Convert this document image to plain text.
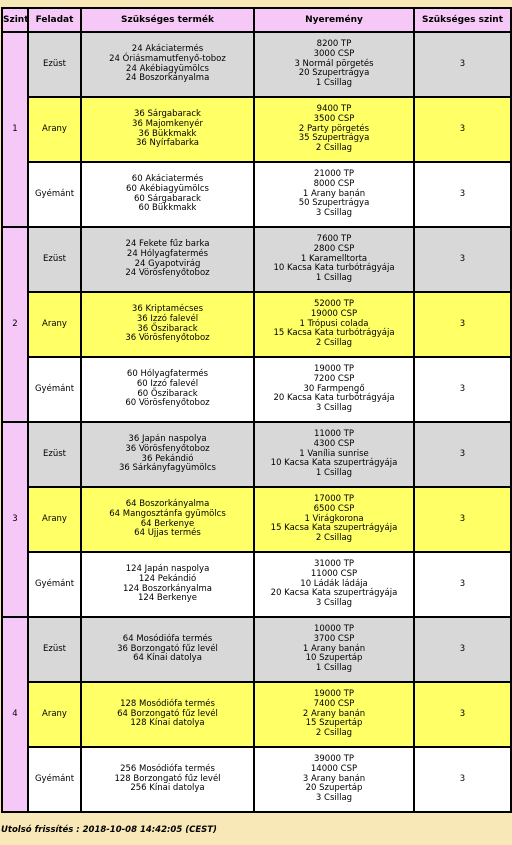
Szint	Feladat	Szükséges termék	Nyeremény	Szükséges szint
1	Ezüst	24 Akáciatermés
24 Óriásmamutfenyő-toboz
24 Akébiagyümölcs
24 Boszorkányalma	8200 TP
3000 CSP
3 Normál pörgetés
20 Szupertrágya
1 Csillag	3
	Arany	36 Sárgabarack
36 Majomkenyér
36 Bükkmakk
36 Nyírfabarka	9400 TP
3500 CSP
2 Party pörgetés
35 Szupertrágya
2 Csillag	3
	Gyémánt	60 Akáciatermés
60 Akébiagyümölcs
60 Sárgabarack
60 Bükkmakk	21000 TP
8000 CSP
1 Arany banán
50 Szupertrágya
3 Csillag	3
2	Ezüst	24 Fekete fűz barka
24 Hólyagfatermés
24 Gyapotvirág
24 Vörösfenyőtoboz	7600 TP
2800 CSP
1 Karamelltorta
10 Kacsa Kata turbótrágyája
1 Csillag	3
	Arany	36 Kriptamécses
36 Izzó falevél
36 Őszibarack
36 Vörösfenyőtoboz	52000 TP
19000 CSP
1 Trópusi colada
15 Kacsa Kata turbótrágyája
2 Csillag	3
	Gyémánt	60 Hólyagfatermés
60 Izzó falevél
60 Őszibarack
60 Vörösfenyőtoboz	19000 TP
7200 CSP
30 Farmpengő
20 Kacsa Kata turbótrágyája
3 Csillag	3
3	Ezüst	36 Japán naspolya
36 Vörösfenyőtoboz
36 Pekándió
36 Sárkányfagyümölcs	11000 TP
4300 CSP
1 Vanília sunrise
10 Kacsa Kata szupertrágyája
1 Csillag	3
	Arany	64 Boszorkányalma
64 Mangosztánfa gyümölcs
64 Berkenye
64 Ujjas termés	17000 TP
6500 CSP
1 Virágkorona
15 Kacsa Kata szupertrágyája
2 Csillag	3
	Gyémánt	124 Japán naspolya
124 Pekándió
124 Boszorkányalma
124 Berkenye	31000 TP
11000 CSP
10 Ládák ládája
20 Kacsa Kata szupertrágyája
3 Csillag	3
4	Ezüst	64 Mosódiófa termés
36 Borzongató fűz levél
64 Kínai datolya	10000 TP
3700 CSP
1 Arany banán
10 Szupertáp
1 Csillag	3
	Arany	128 Mosódiófa termés
64 Borzongató fűz levél
128 Kínai datolya	19000 TP
7400 CSP
2 Arany banán
15 Szupertáp
2 Csillag	3
	Gyémánt	256 Mosódiófa termés
128 Borzongató fűz levél
256 Kínai datolya	39000 TP
14000 CSP
3 Arany banán
20 Szupertáp
3 Csillag	3
Utolsó frissítés : 2018-10-08 14:42:05 (CEST)
